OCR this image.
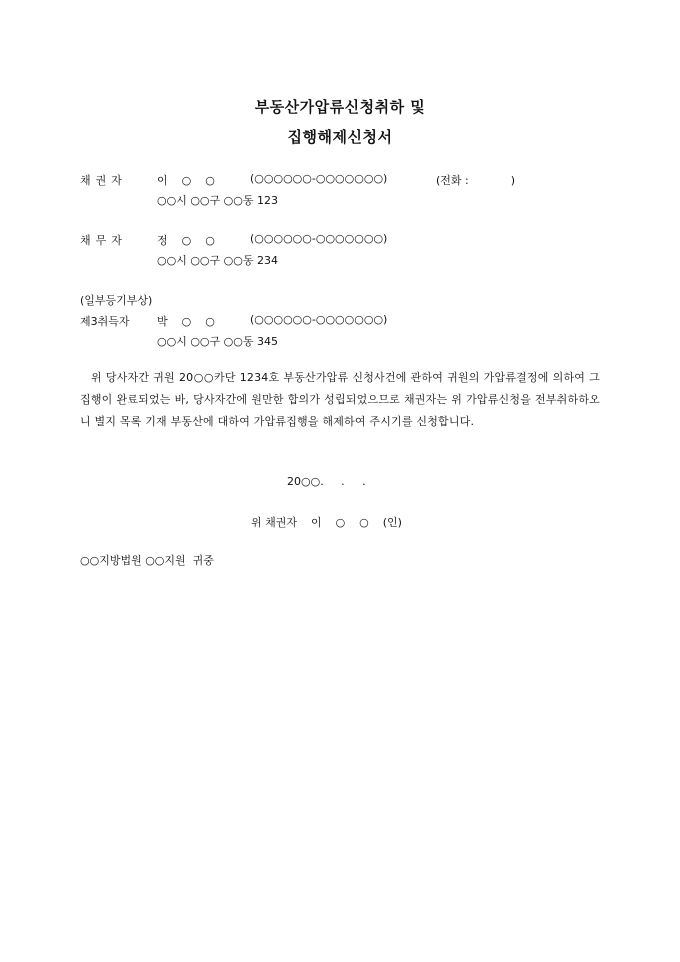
부동산가압류신청취하 및
집행해제신청서
채권자	이    ○    ○	(○○○○○○-○○○○○○○)	(전화 :            )
○○시 ○○구 ○○동 123
채무자	정    ○    ○	(○○○○○○-○○○○○○○)
○○시 ○○구 ○○동 234
(일부등기부상)
제3취득자 박    ○    ○	(○○○○○○-○○○○○○○)
○○시 ○○구 ○○동 345
위 당사자간 귀원 20○○카단 1234호 부동산가압류 신청사건에 관하여 귀원의 가압류결정에 의하여 그 집행이 완료되었는 바, 당사자간에 원만한 합의가 성립되었으므로 채권자는 위 가압류신청을 전부취하하오니 별지 목록 기재 부동산에 대하여 가압류집행을 해제하여 주시기를 신청합니다.
20○○.     .     .
위 채권자    이    ○    ○    (인)
○○지방법원 ○○지원  귀중
